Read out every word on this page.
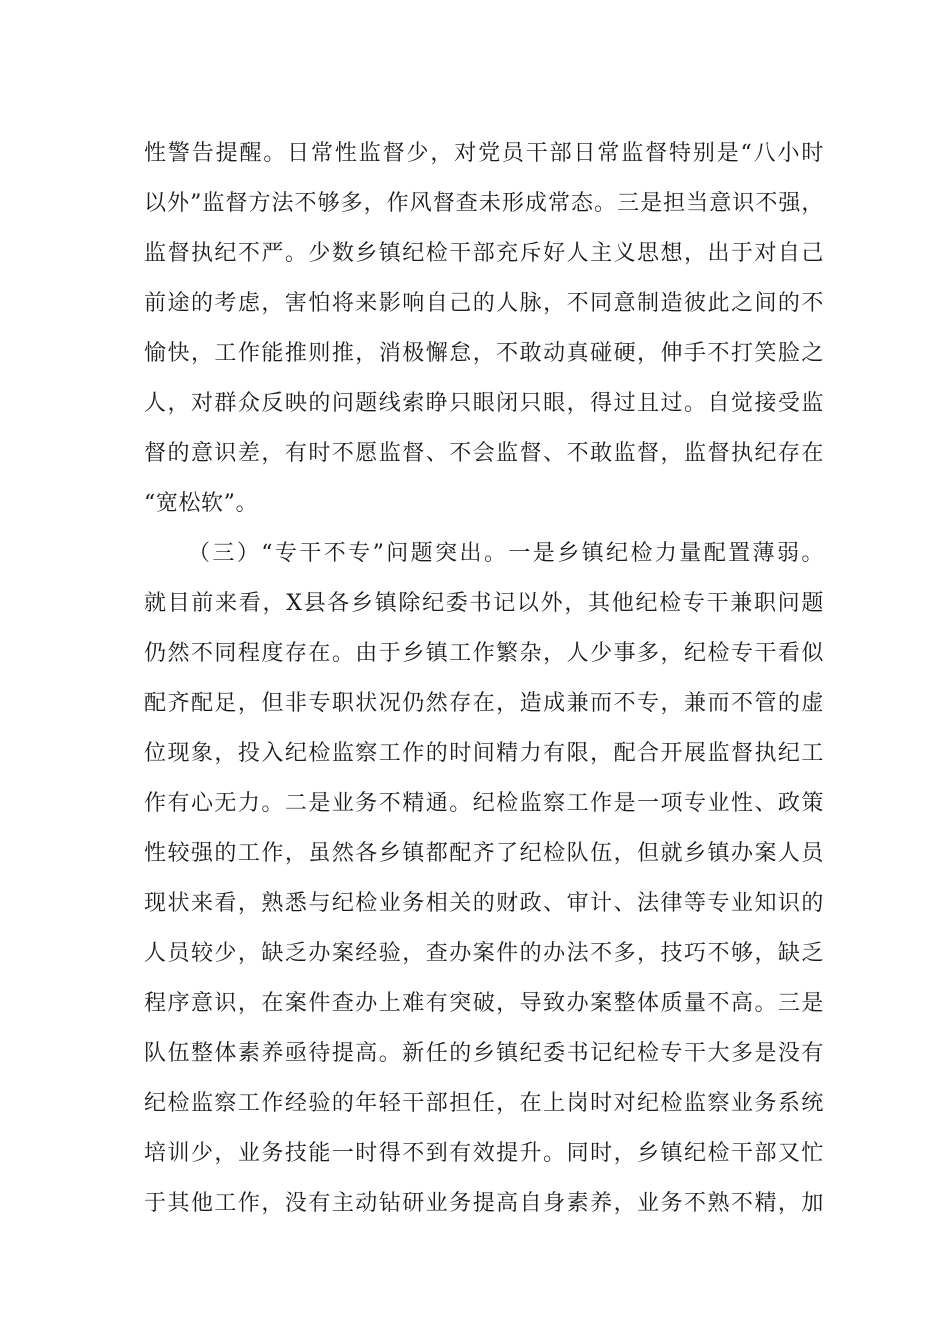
性警告提醒。日常性监督少，对党员干部日常监督特别是“八小时
以外”监督方法不够多，作风督查未形成常态。三是担当意识不强，
监督执纪不严。少数乡镇纪检干部充斥好人主义思想，出于对自己
前途的考虑，害怕将来影响自己的人脉，不同意制造彼此之间的不
愉快，工作能推则推，消极懈怠，不敢动真碰硬，伸手不打笑脸之
人，对群众反映的问题线索睁只眼闭只眼，得过且过。自觉接受监
督的意识差，有时不愿监督、不会监督、不敢监督，监督执纪存在
“宽松软”。
（三）“专干不专”问题突出。一是乡镇纪检力量配置薄弱。
就目前来看，X县各乡镇除纪委书记以外，其他纪检专干兼职问题
仍然不同程度存在。由于乡镇工作繁杂，人少事多，纪检专干看似
配齐配足，但非专职状况仍然存在，造成兼而不专，兼而不管的虚
位现象，投入纪检监察工作的时间精力有限，配合开展监督执纪工
作有心无力。二是业务不精通。纪检监察工作是一项专业性、政策
性较强的工作，虽然各乡镇都配齐了纪检队伍，但就乡镇办案人员
现状来看，熟悉与纪检业务相关的财政、审计、法律等专业知识的
人员较少，缺乏办案经验，查办案件的办法不多，技巧不够，缺乏
程序意识，在案件查办上难有突破，导致办案整体质量不高。三是
队伍整体素养亟待提高。新任的乡镇纪委书记纪检专干大多是没有
纪检监察工作经验的年轻干部担任，在上岗时对纪检监察业务系统
培训少，业务技能一时得不到有效提升。同时，乡镇纪检干部又忙
于其他工作，没有主动钻研业务提高自身素养，业务不熟不精，加
